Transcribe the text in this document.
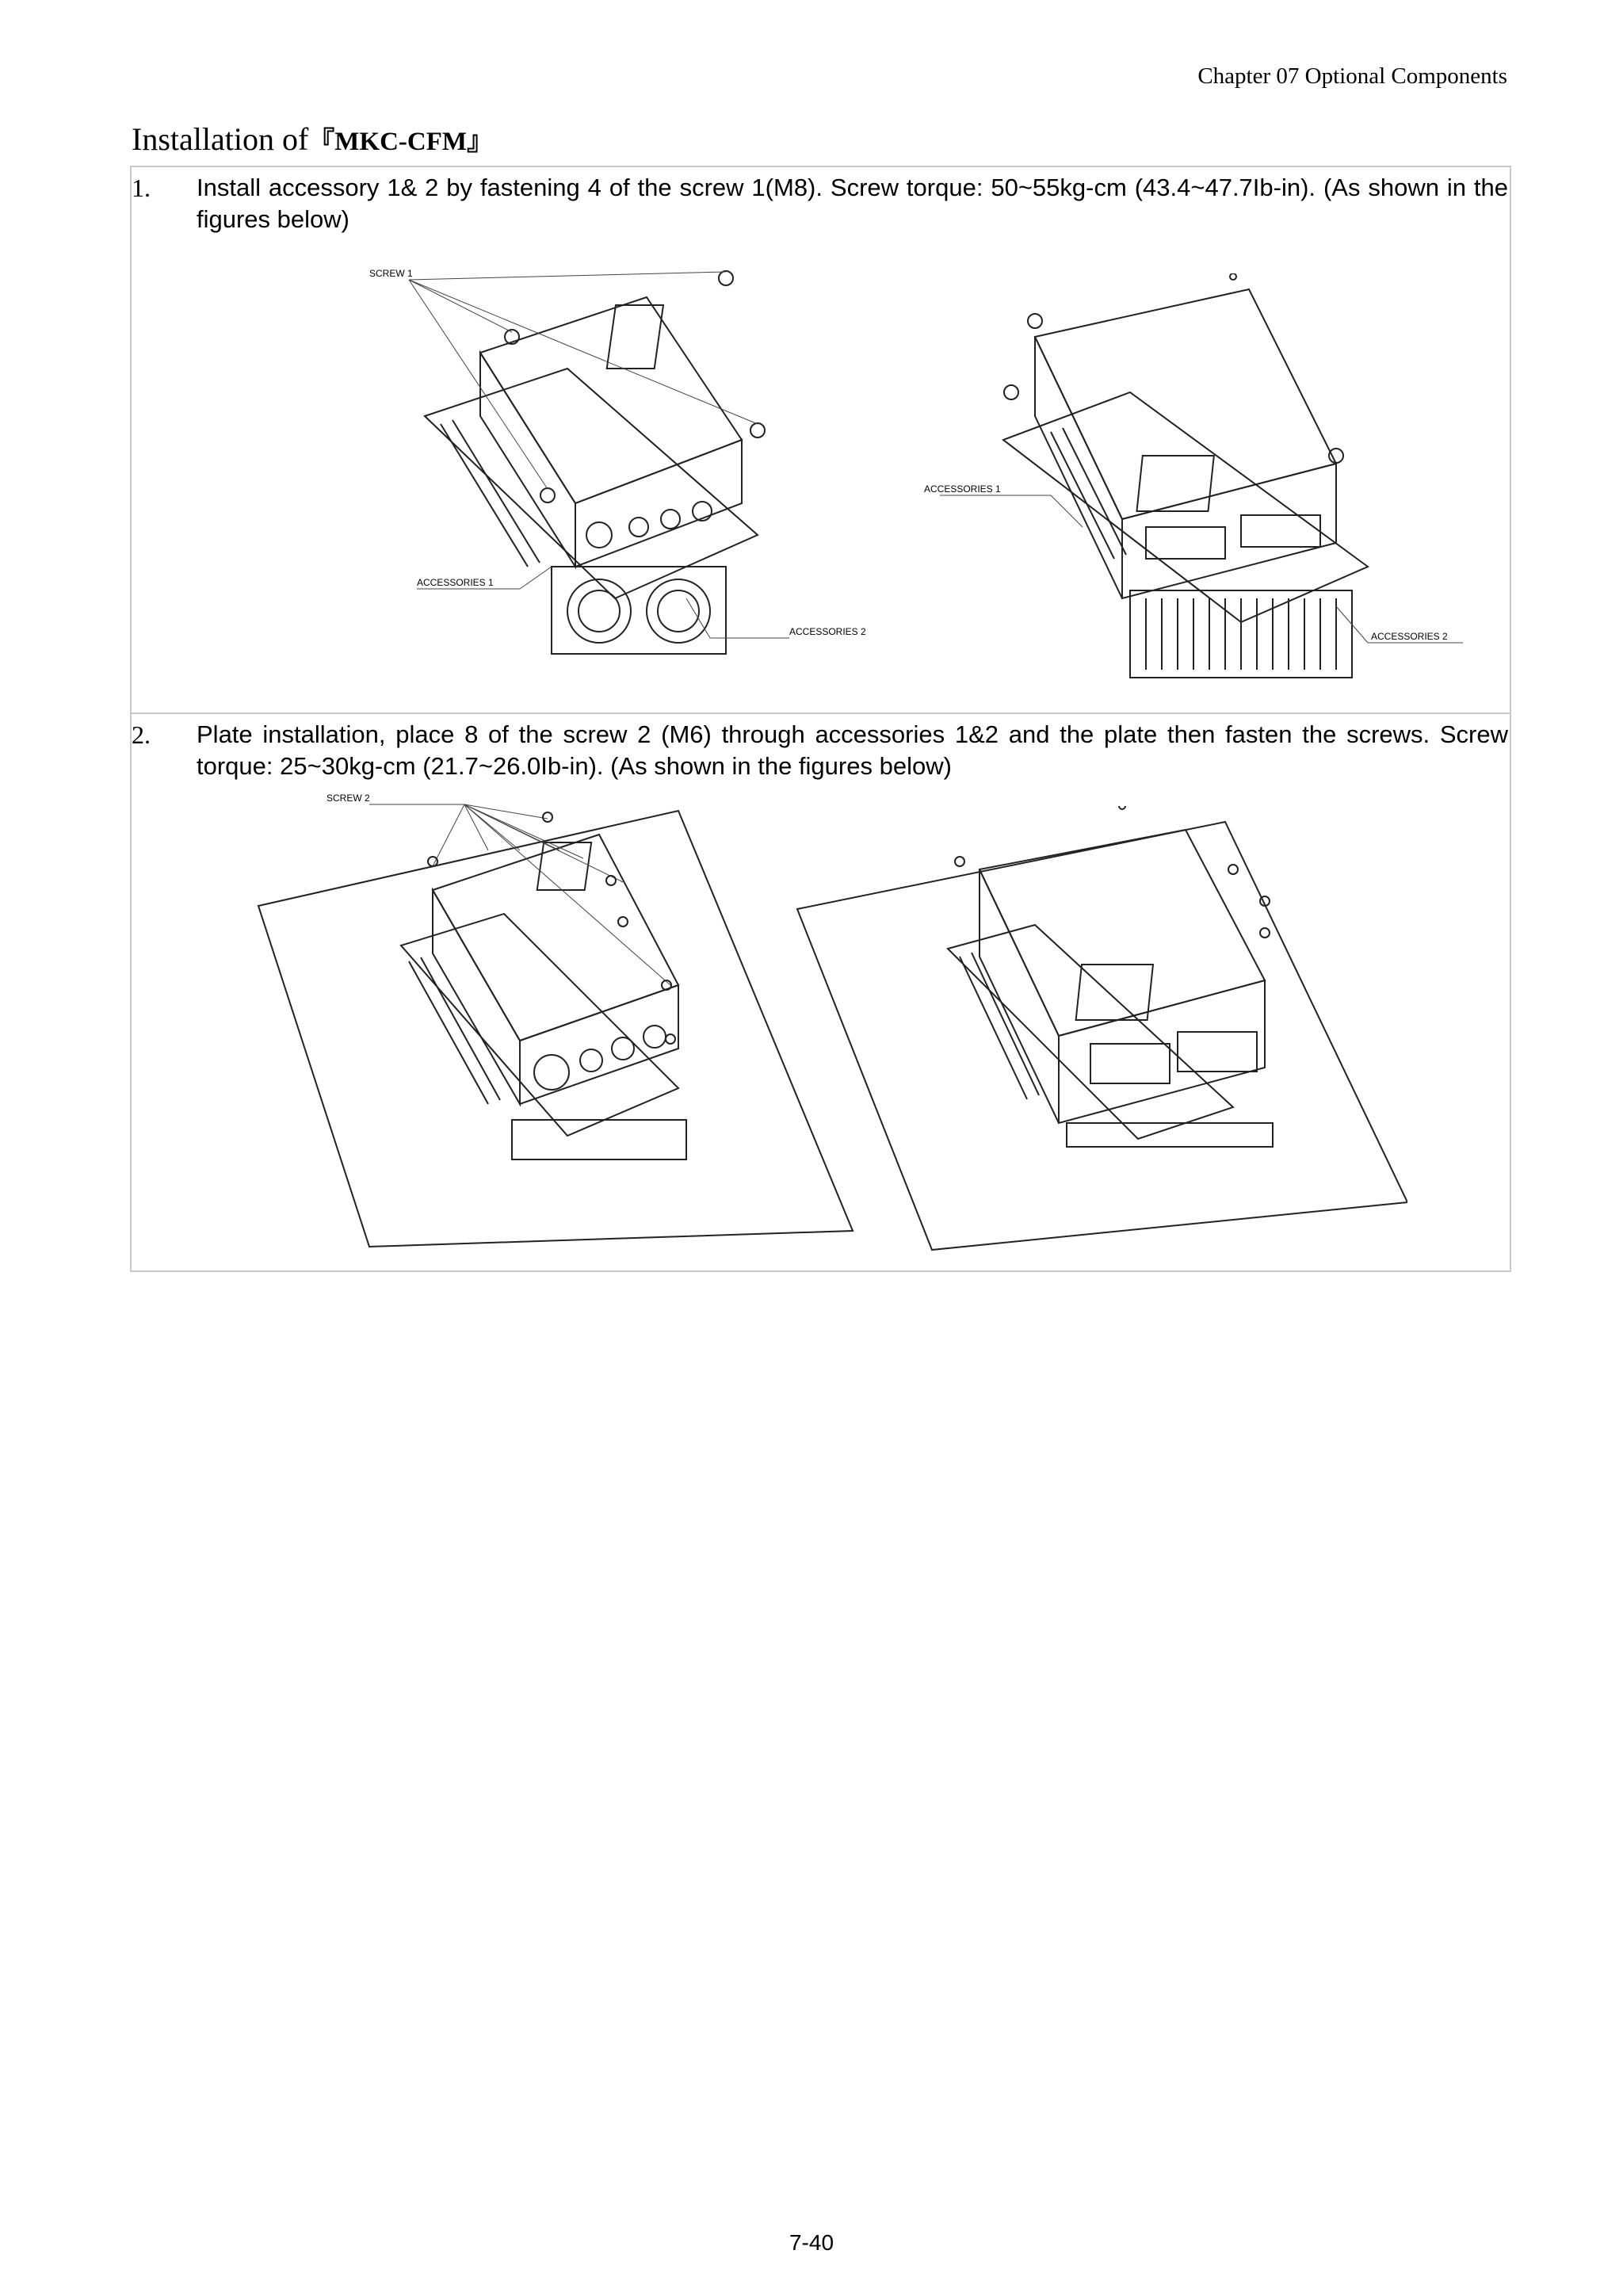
Chapter 07 Optional Components
Installation of『MKC-CFM』
1.	Install accessory 1& 2 by fastening 4 of the screw 1(M8). Screw torque: 50~55kg-cm (43.4~47.7Ib-in). (As shown in the figures below)
SCREW 1
ACCESSORIES 1
ACCESSORIES 2
ACCESSORIES 1
ACCESSORIES 2

2.	Plate installation, place 8 of the screw 2 (M6) through accessories 1&2 and the plate then fasten the screws. Screw torque: 25~30kg-cm (21.7~26.0Ib-in). (As shown in the figures below)
SCREW 2
7-40
